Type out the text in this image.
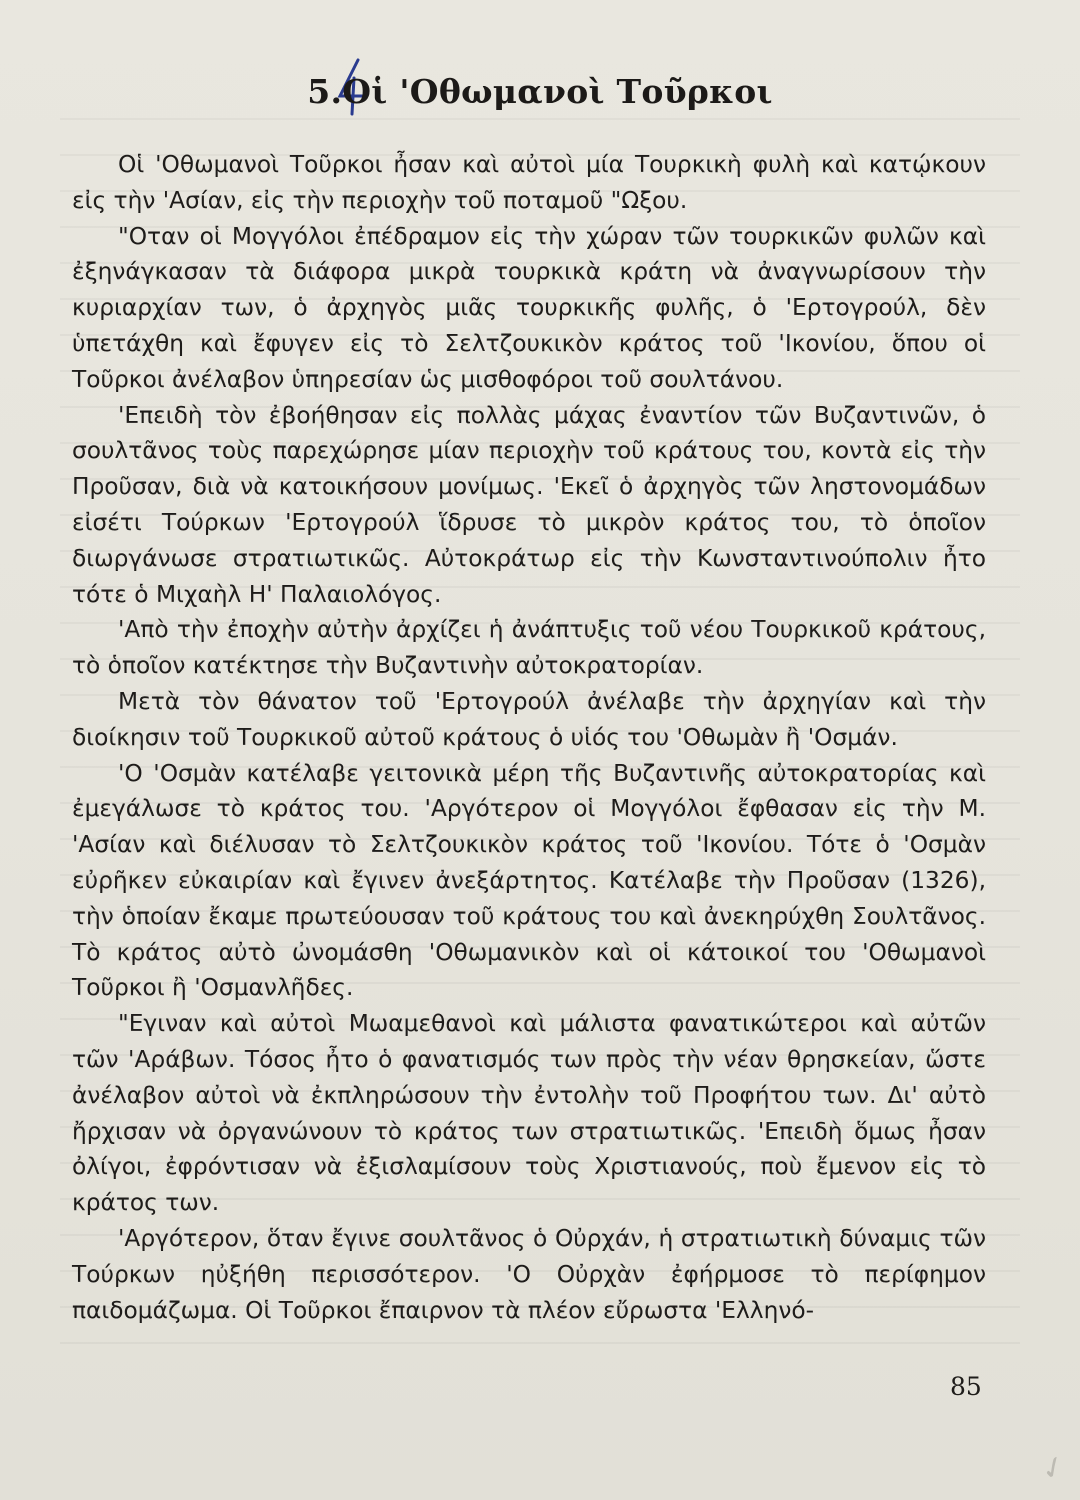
5.Οἱ 'Οθωμανοὶ Τοῦρκοι

Οἱ 'Οθωμανοὶ Τοῦρκοι ἦσαν καὶ αὐτοὶ μία Τουρκικὴ φυλὴ καὶ κατῴκουν εἰς τὴν 'Ασίαν, εἰς τὴν περιοχὴν τοῦ ποταμοῦ "Ωξου.

"Οταν οἱ Μογγόλοι ἐπέδραμον εἰς τὴν χώραν τῶν τουρκικῶν φυλῶν καὶ ἐξηνάγκασαν τὰ διάφορα μικρὰ τουρκικὰ κράτη νὰ ἀναγνωρίσουν τὴν κυριαρχίαν των, ὁ ἀρχηγὸς μιᾶς τουρκικῆς φυλῆς, ὁ 'Ερτογρούλ, δὲν ὑπετάχθη καὶ ἔφυγεν εἰς τὸ Σελτζουκικὸν κράτος τοῦ 'Ικονίου, ὅπου οἱ Τοῦρκοι ἀνέλαβον ὑπηρεσίαν ὡς μισθοφόροι τοῦ σουλτάνου.

'Επειδὴ τὸν ἐβοήθησαν εἰς πολλὰς μάχας ἐναντίον τῶν Βυζαντινῶν, ὁ σουλτᾶνος τοὺς παρεχώρησε μίαν περιοχὴν τοῦ κράτους του, κοντὰ εἰς τὴν Προῦσαν, διὰ νὰ κατοικήσουν μονίμως. 'Εκεῖ ὁ ἀρχηγὸς τῶν ληστονομάδων εἰσέτι Τούρκων 'Ερτογρούλ ἵδρυσε τὸ μικρὸν κράτος του, τὸ ὁποῖον διωργάνωσε στρατιωτικῶς. Αὐτοκράτωρ εἰς τὴν Κωνσταντινούπολιν ἦτο τότε ὁ Μιχαὴλ Η' Παλαιολόγος.

'Απὸ τὴν ἐποχὴν αὐτὴν ἀρχίζει ἡ ἀνάπτυξις τοῦ νέου Τουρκικοῦ κράτους, τὸ ὁποῖον κατέκτησε τὴν Βυζαντινὴν αὐτοκρατορίαν.

Μετὰ τὸν θάνατον τοῦ 'Ερτογρούλ ἀνέλαβε τὴν ἀρχηγίαν καὶ τὴν διοίκησιν τοῦ Τουρκικοῦ αὐτοῦ κράτους ὁ υἱός του 'Οθωμὰν ἢ 'Οσμάν.

'Ο 'Οσμὰν κατέλαβε γειτονικὰ μέρη τῆς Βυζαντινῆς αὐτοκρατορίας καὶ ἐμεγάλωσε τὸ κράτος του. 'Αργότερον οἱ Μογγόλοι ἔφθασαν εἰς τὴν Μ. 'Ασίαν καὶ διέλυσαν τὸ Σελτζουκικὸν κράτος τοῦ 'Ικονίου. Τότε ὁ 'Οσμὰν εὐρῆκεν εὐκαιρίαν καὶ ἔγινεν ἀνεξάρτητος. Κατέλαβε τὴν Προῦσαν (1326), τὴν ὁποίαν ἔκαμε πρωτεύουσαν τοῦ κράτους του καὶ ἀνεκηρύχθη Σουλτᾶνος. Τὸ κράτος αὐτὸ ὠνομάσθη 'Οθωμανικὸν καὶ οἱ κάτοικοί του 'Οθωμανοὶ Τοῦρκοι ἢ 'Οσμανλῆδες.

"Εγιναν καὶ αὐτοὶ Μωαμεθανοὶ καὶ μάλιστα φανατικώτεροι καὶ αὐτῶν τῶν 'Αράβων. Τόσος ἦτο ὁ φανατισμός των πρὸς τὴν νέαν θρησκείαν, ὥστε ἀνέλαβον αὐτοὶ νὰ ἐκπληρώσουν τὴν ἐντολὴν τοῦ Προφήτου των. Δι' αὐτὸ ἤρχισαν νὰ ὀργανώνουν τὸ κράτος των στρατιωτικῶς. 'Επειδὴ ὅμως ἦσαν ὀλίγοι, ἐφρόντισαν νὰ ἐξισλαμίσουν τοὺς Χριστιανούς, ποὺ ἔμενον εἰς τὸ κράτος των.

'Αργότερον, ὅταν ἔγινε σουλτᾶνος ὁ Οὐρχάν, ἡ στρατιωτικὴ δύναμις τῶν Τούρκων ηὐξήθη περισσότερον. 'Ο Οὐρχὰν ἐφήρμοσε τὸ περίφημον παιδομάζωμα. Οἱ Τοῦρκοι ἔπαιρνον τὰ πλέον εὔρωστα 'Ελληνό-

85
✓
